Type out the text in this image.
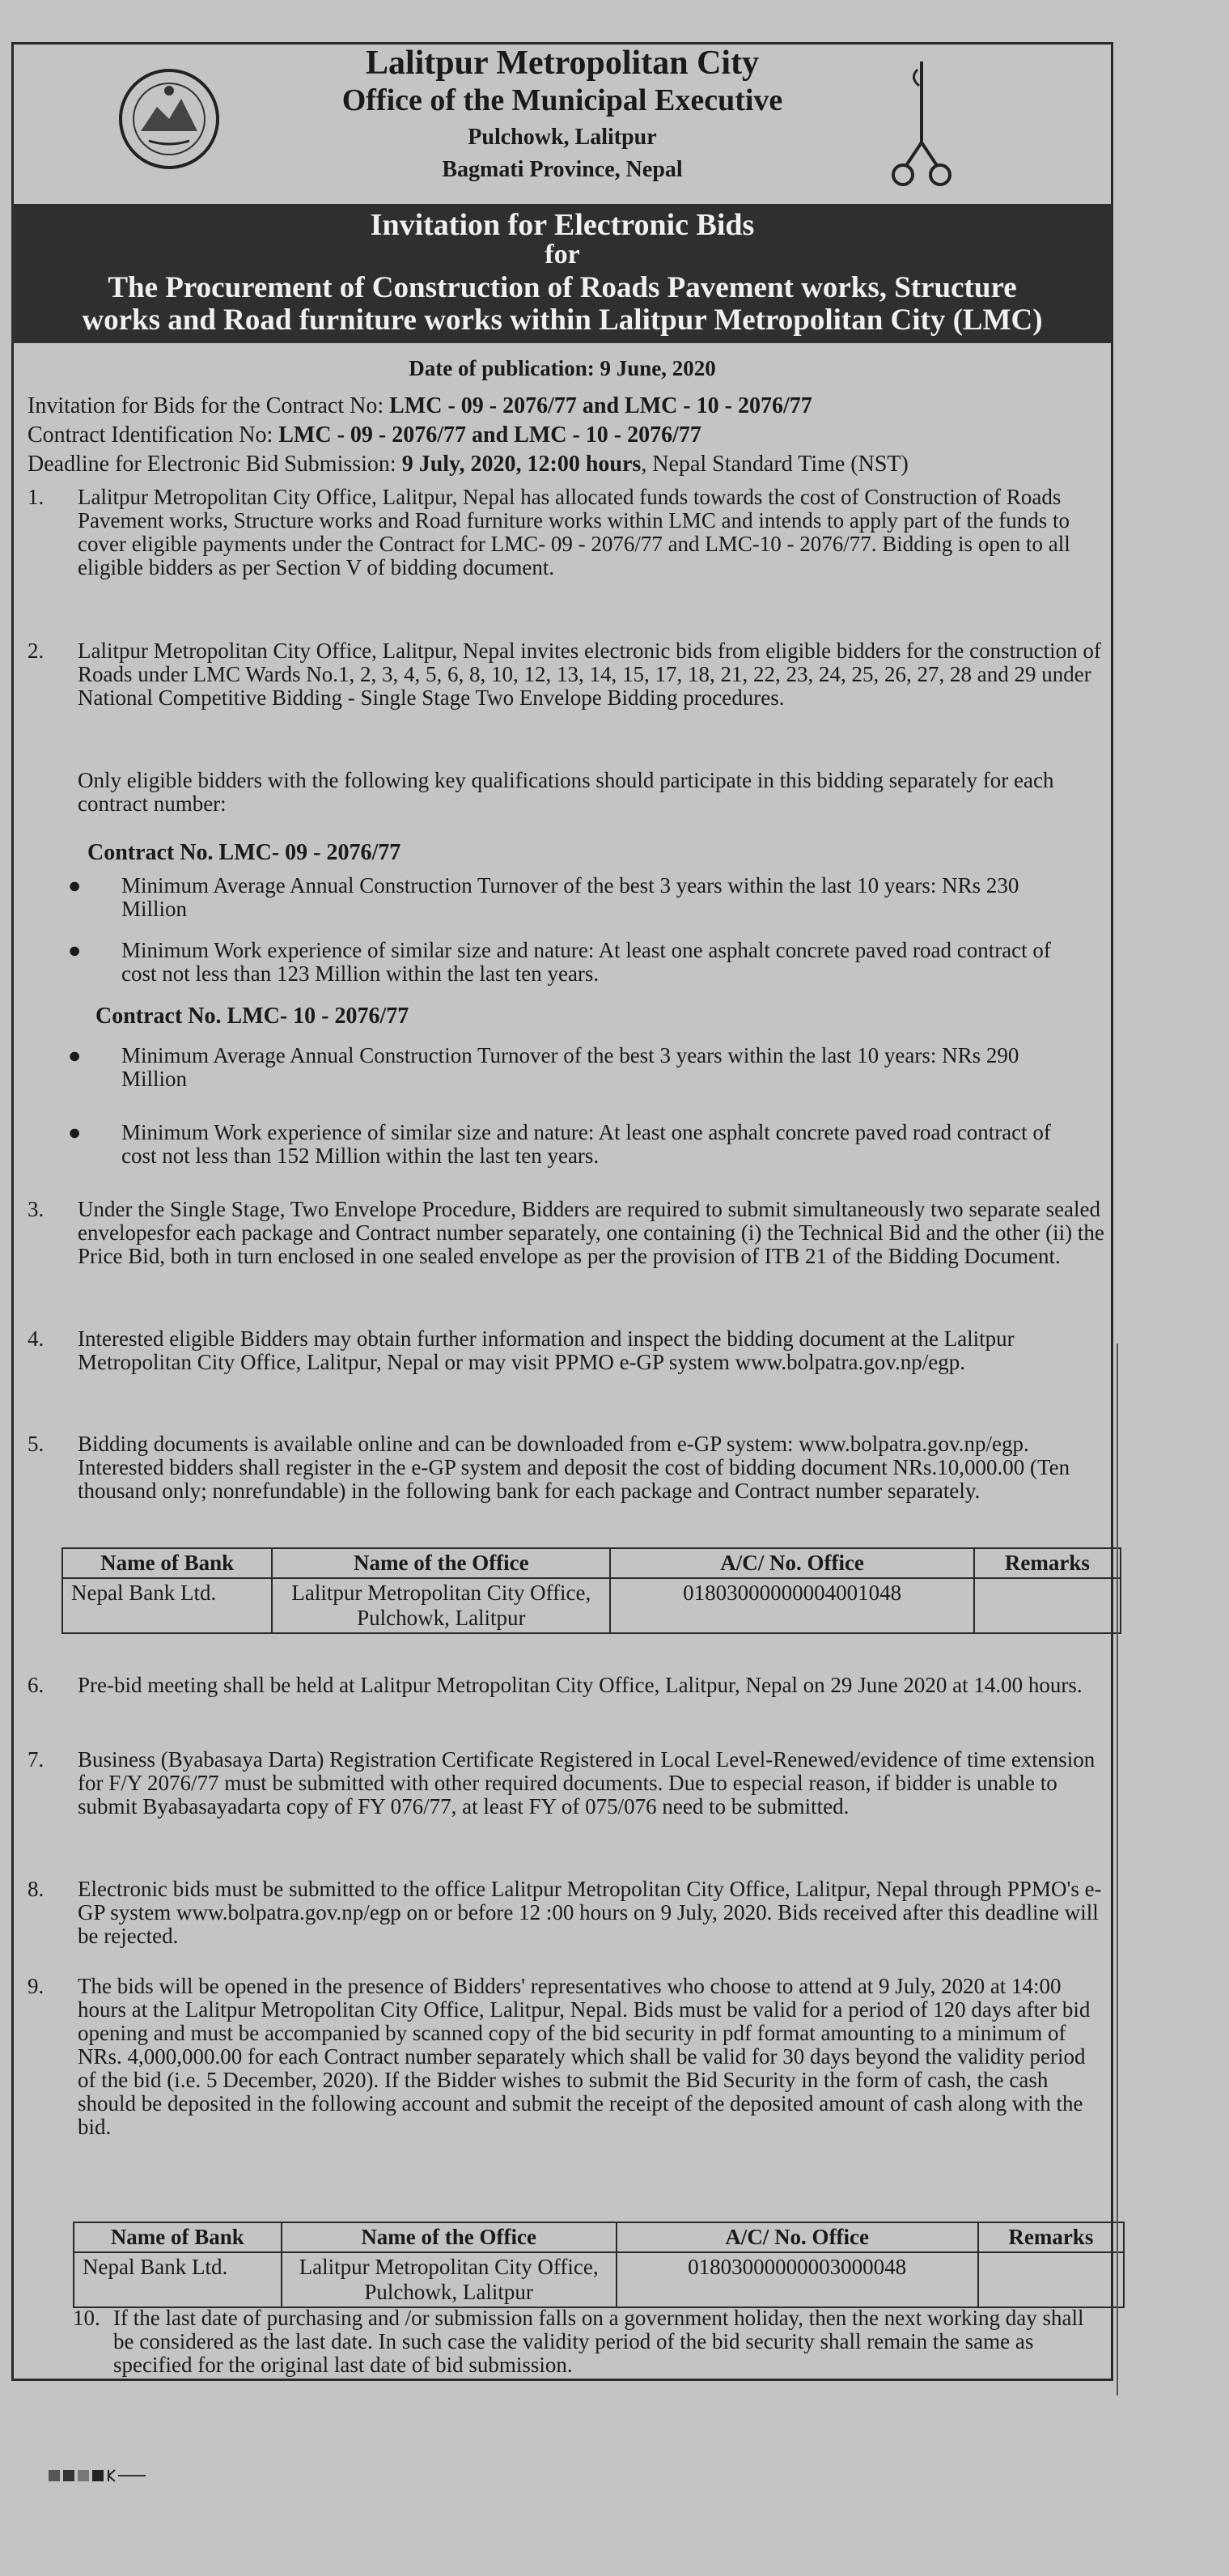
Lalitpur Metropolitan City
Office of the Municipal Executive
Pulchowk, Lalitpur
Bagmati Province, Nepal
Invitation for Electronic Bids
for
The Procurement of Construction of Roads Pavement works, Structure
works and Road furniture works within Lalitpur Metropolitan City (LMC)
Date of publication: 9 June, 2020
Invitation for Bids for the Contract No: LMC - 09 - 2076/77 and LMC - 10 - 2076/77
Contract Identification No: LMC - 09 - 2076/77 and LMC - 10 - 2076/77
Deadline for Electronic Bid Submission: 9 July, 2020, 12:00 hours, Nepal Standard Time (NST)
1.	Lalitpur Metropolitan City Office, Lalitpur, Nepal has allocated funds towards the cost of Construction of Roads Pavement works, Structure works and Road furniture works within LMC and intends to apply part of the funds to cover eligible payments under the Contract for LMC- 09 - 2076/77 and LMC-10 - 2076/77. Bidding is open to all eligible bidders as per Section V of bidding document.
2.	Lalitpur Metropolitan City Office, Lalitpur, Nepal invites electronic bids from eligible bidders for the construction of Roads under LMC Wards No.1, 2, 3, 4, 5, 6, 8, 10, 12, 13, 14, 15, 17, 18, 21, 22, 23, 24, 25, 26, 27, 28 and 29 under National Competitive Bidding - Single Stage Two Envelope Bidding procedures.
Only eligible bidders with the following key qualifications should participate in this bidding separately for each contract number:
Contract No. LMC- 09 - 2076/77
● Minimum Average Annual Construction Turnover of the best 3 years within the last 10 years: NRs 230 Million
● Minimum Work experience of similar size and nature: At least one asphalt concrete paved road contract of cost not less than 123 Million within the last ten years.
Contract No. LMC- 10 - 2076/77
● Minimum Average Annual Construction Turnover of the best 3 years within the last 10 years: NRs 290 Million
● Minimum Work experience of similar size and nature: At least one asphalt concrete paved road contract of cost not less than 152 Million within the last ten years.
3.	Under the Single Stage, Two Envelope Procedure, Bidders are required to submit simultaneously two separate sealed envelopesfor each package and Contract number separately, one containing (i) the Technical Bid and the other (ii) the Price Bid, both in turn enclosed in one sealed envelope as per the provision of ITB 21 of the Bidding Document.
4.	Interested eligible Bidders may obtain further information and inspect the bidding document at the Lalitpur Metropolitan City Office, Lalitpur, Nepal or may visit PPMO e-GP system www.bolpatra.gov.np/egp.
5.	Bidding documents is available online and can be downloaded from e-GP system: www.bolpatra.gov.np/egp. Interested bidders shall register in the e-GP system and deposit the cost of bidding document NRs.10,000.00 (Ten thousand only; nonrefundable) in the following bank for each package and Contract number separately.
Name of Bank	Name of the Office	A/C/ No. Office	Remarks
Nepal Bank Ltd.	Lalitpur Metropolitan City Office, Pulchowk, Lalitpur	01803000000004001048	
6.	Pre-bid meeting shall be held at Lalitpur Metropolitan City Office, Lalitpur, Nepal on 29 June 2020 at 14.00 hours.
7.	Business (Byabasaya Darta) Registration Certificate Registered in Local Level-Renewed/evidence of time extension for F/Y 2076/77 must be submitted with other required documents. Due to especial reason, if bidder is unable to submit Byabasayadarta copy of FY 076/77, at least FY of 075/076 need to be submitted.
8.	Electronic bids must be submitted to the office Lalitpur Metropolitan City Office, Lalitpur, Nepal through PPMO's e-GP system www.bolpatra.gov.np/egp on or before 12 :00 hours on 9 July, 2020. Bids received after this deadline will be rejected.
9.	The bids will be opened in the presence of Bidders' representatives who choose to attend at 9 July, 2020 at 14:00 hours at the Lalitpur Metropolitan City Office, Lalitpur, Nepal. Bids must be valid for a period of 120 days after bid opening and must be accompanied by scanned copy of the bid security in pdf format amounting to a minimum of NRs. 4,000,000.00 for each Contract number separately which shall be valid for 30 days beyond the validity period of the bid (i.e. 5 December, 2020). If the Bidder wishes to submit the Bid Security in the form of cash, the cash should be deposited in the following account and submit the receipt of the deposited amount of cash along with the bid.
Name of Bank	Name of the Office	A/C/ No. Office	Remarks
Nepal Bank Ltd.	Lalitpur Metropolitan City Office, Pulchowk, Lalitpur	01803000000003000048	
10. If the last date of purchasing and /or submission falls on a government holiday, then the next working day shall be considered as the last date. In such case the validity period of the bid security shall remain the same as specified for the original last date of bid submission.
